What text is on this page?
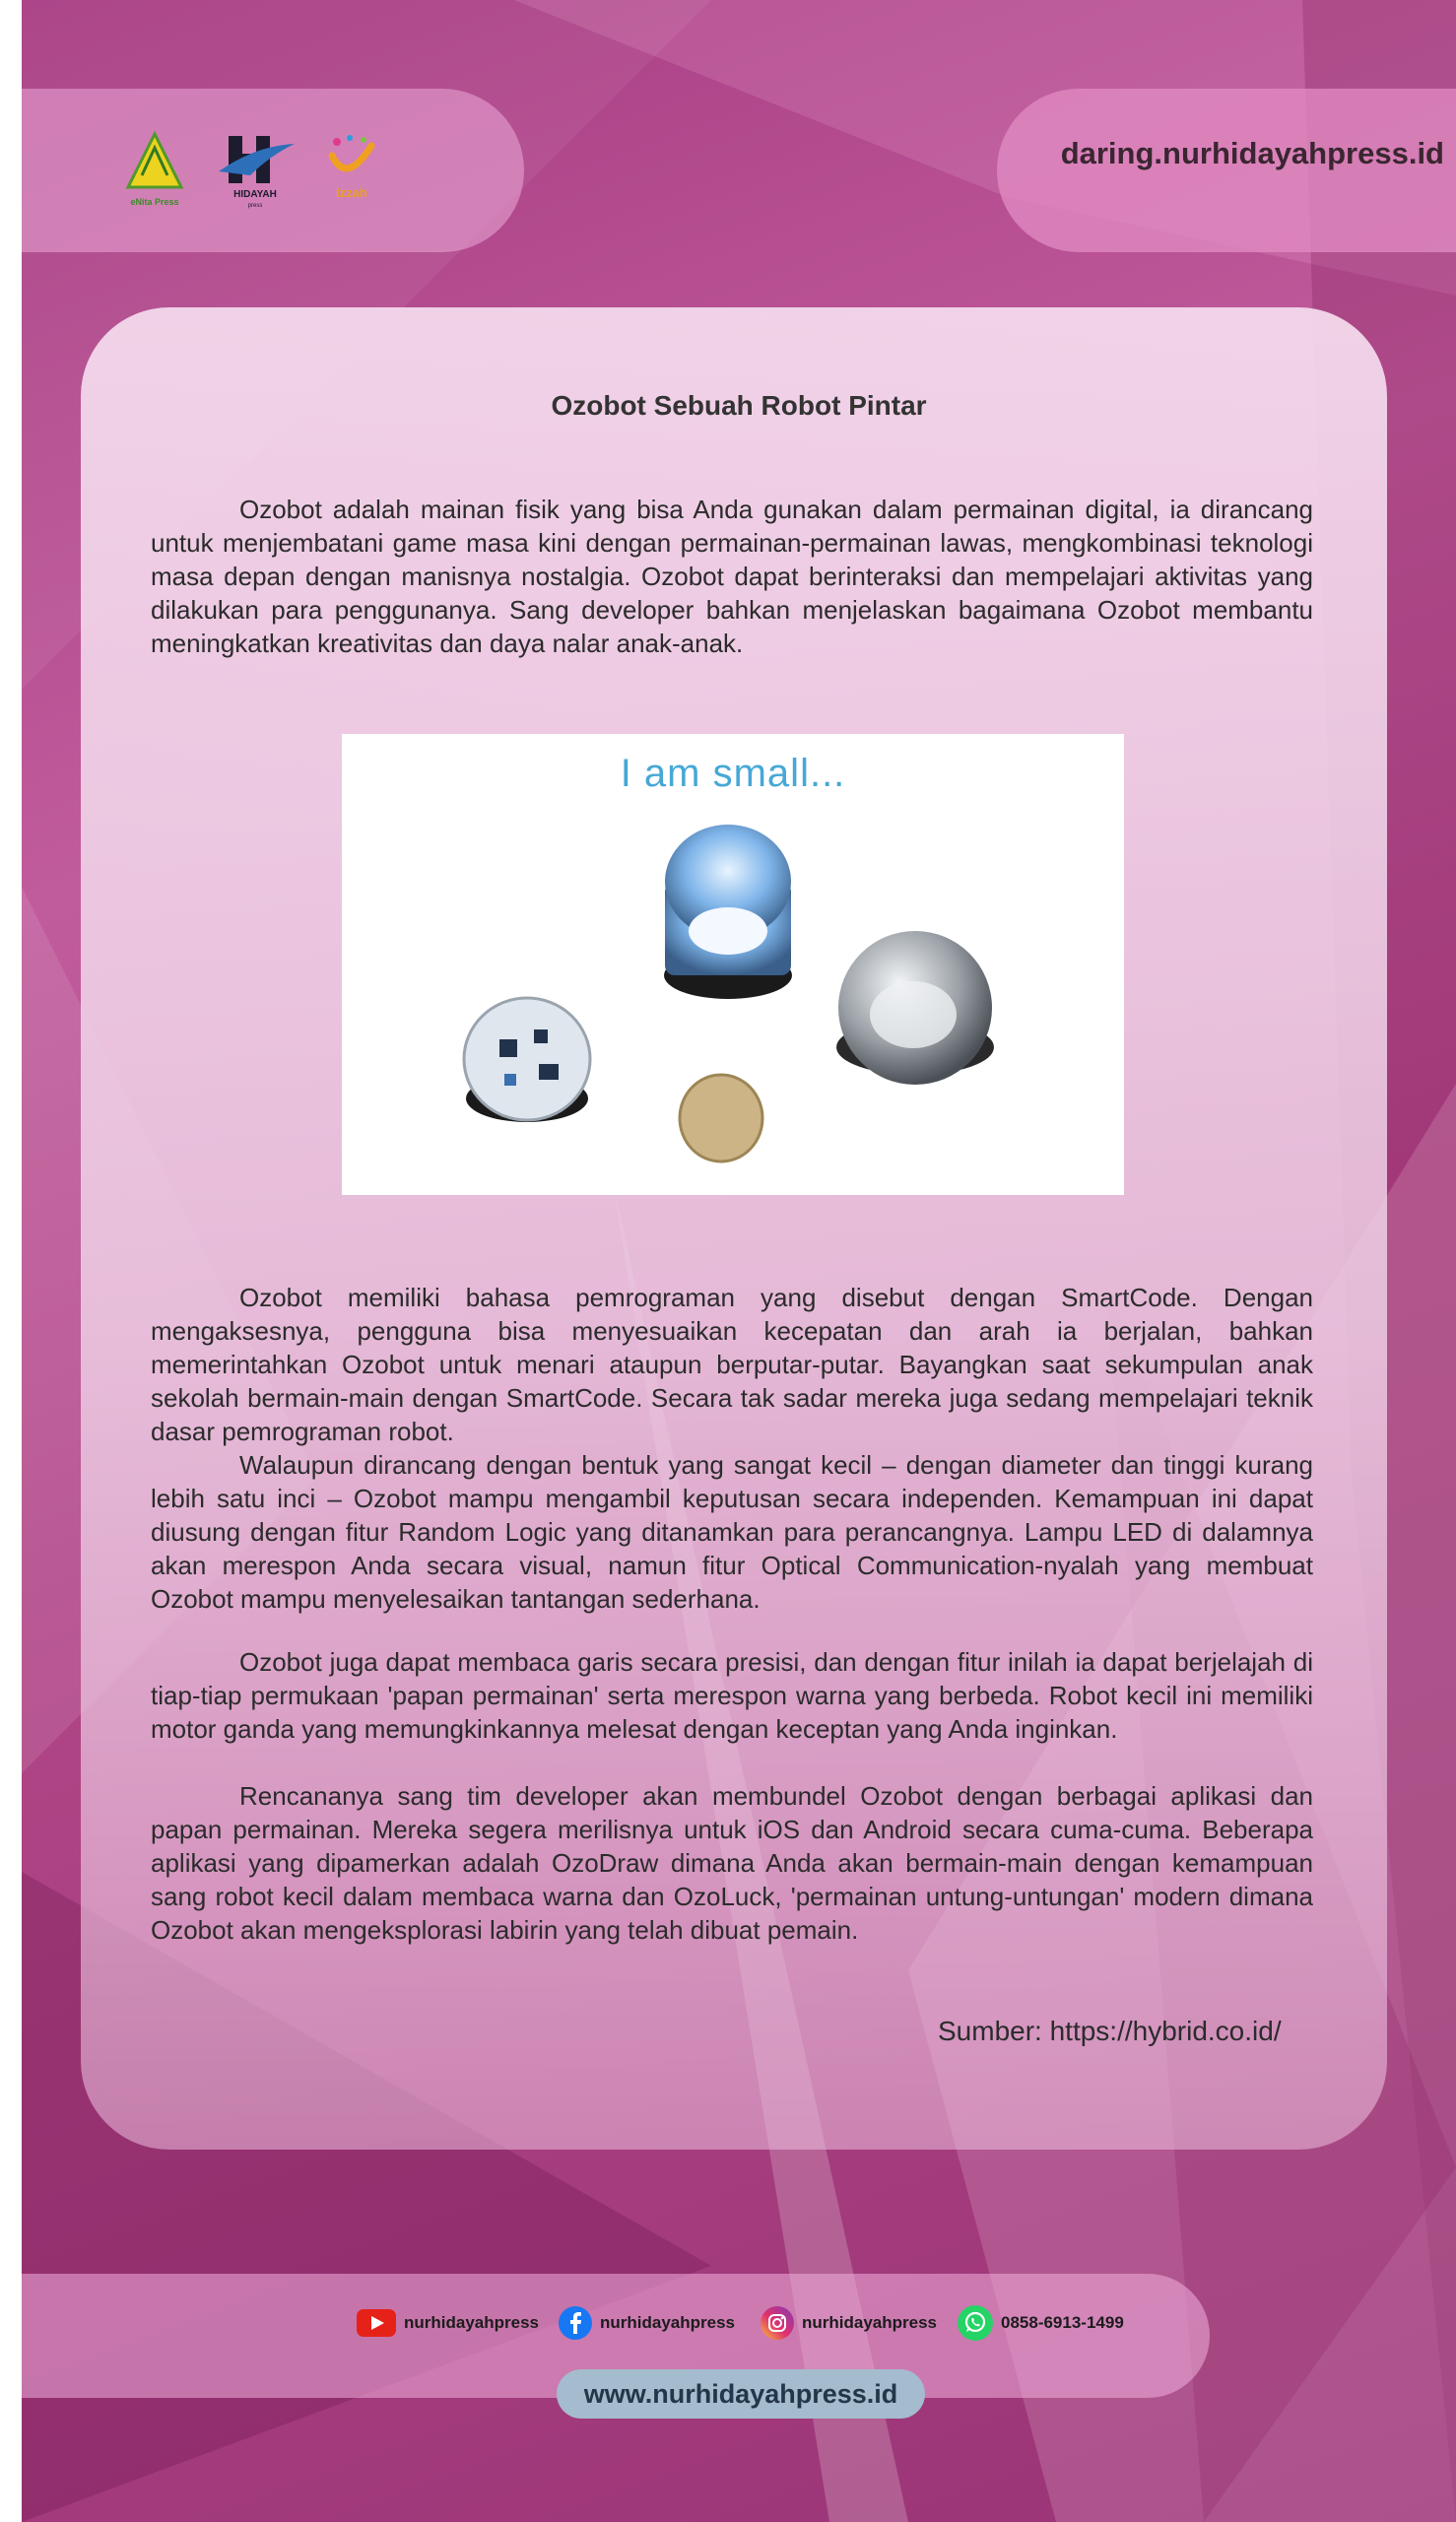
eNita Press
HIDAYAH
press
Izzah
daring.nurhidayahpress.id
Ozobot Sebuah Robot Pintar

Ozobot adalah mainan fisik yang bisa Anda gunakan dalam permainan digital, ia dirancang untuk menjembatani game masa kini dengan permainan-permainan lawas, mengkombinasi teknologi masa depan dengan manisnya nostalgia. Ozobot dapat berinteraksi dan mempelajari aktivitas yang dilakukan para penggunanya. Sang developer bahkan menjelaskan bagaimana Ozobot membantu meningkatkan kreativitas dan daya nalar anak-anak.

I am small...

Ozobot memiliki bahasa pemrograman yang disebut dengan SmartCode. Dengan mengaksesnya, pengguna bisa menyesuaikan kecepatan dan arah ia berjalan, bahkan memerintahkan Ozobot untuk menari ataupun berputar-putar. Bayangkan saat sekumpulan anak sekolah bermain-main dengan SmartCode. Secara tak sadar mereka juga sedang mempelajari teknik dasar pemrograman robot.

Walaupun dirancang dengan bentuk yang sangat kecil – dengan diameter dan tinggi kurang lebih satu inci – Ozobot mampu mengambil keputusan secara independen. Kemampuan ini dapat diusung dengan fitur Random Logic yang ditanamkan para perancangnya. Lampu LED di dalamnya akan merespon Anda secara visual, namun fitur Optical Communication-nyalah yang membuat Ozobot mampu menyelesaikan tantangan sederhana.

Ozobot juga dapat membaca garis secara presisi, dan dengan fitur inilah ia dapat berjelajah di tiap-tiap permukaan 'papan permainan' serta merespon warna yang berbeda. Robot kecil ini memiliki motor ganda yang memungkinkannya melesat dengan keceptan yang Anda inginkan.

Rencananya sang tim developer akan membundel Ozobot dengan berbagai aplikasi dan papan permainan. Mereka segera merilisnya untuk iOS dan Android secara cuma-cuma. Beberapa aplikasi yang dipamerkan adalah OzoDraw dimana Anda akan bermain-main dengan kemampuan sang robot kecil dalam membaca warna dan OzoLuck, 'permainan untung-untungan' modern dimana Ozobot akan mengeksplorasi labirin yang telah dibuat pemain.

Sumber: https://hybrid.co.id/
nurhidayahpress	nurhidayahpress	nurhidayahpress	0858-6913-1499
www.nurhidayahpress.id
